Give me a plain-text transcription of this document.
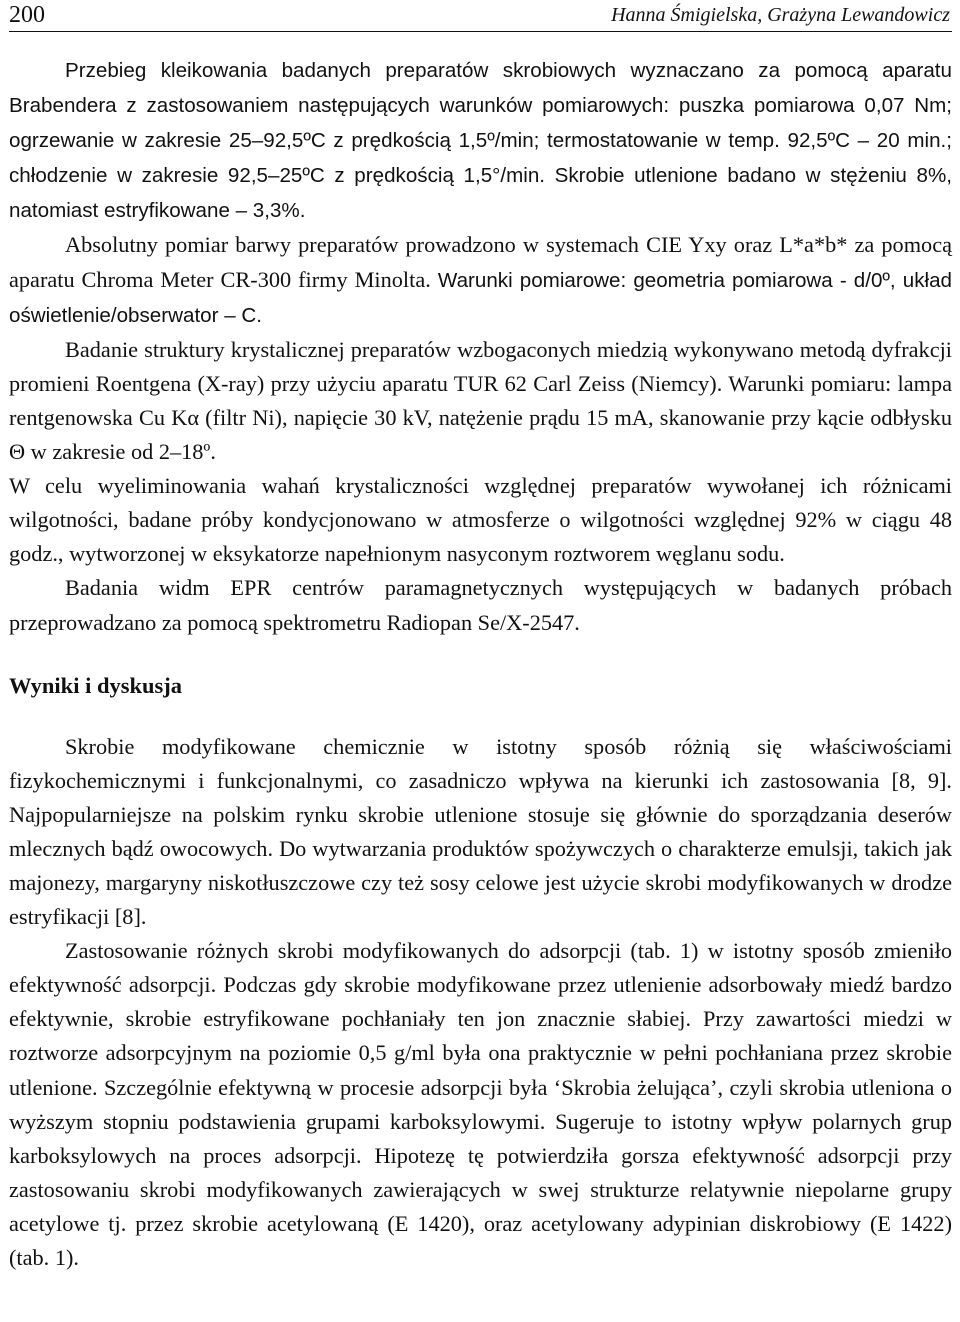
200	Hanna Śmigielska, Grażyna Lewandowicz

Przebieg kleikowania badanych preparatów skrobiowych wyznaczano za pomocą aparatu Brabendera z zastosowaniem następujących warunków pomiarowych: puszka pomiarowa 0,07 Nm; ogrzewanie w zakresie 25–92,5ºC z prędkością 1,5º/min; termostatowanie w temp. 92,5ºC – 20 min.; chłodzenie w zakresie 92,5–25ºC z prędkością 1,5°/min. Skrobie utlenione badano w stężeniu 8%, natomiast estryfikowane – 3,3%.

Absolutny pomiar barwy preparatów prowadzono w systemach CIE Yxy oraz L*a*b* za pomocą aparatu Chroma Meter CR-300 firmy Minolta. Warunki pomiarowe: geometria pomiarowa - d/0º, układ oświetlenie/obserwator – C.

Badanie struktury krystalicznej preparatów wzbogaconych miedzią wykonywano metodą dyfrakcji promieni Roentgena (X-ray) przy użyciu aparatu TUR 62 Carl Zeiss (Niemcy). Warunki pomiaru: lampa rentgenowska Cu Kα (filtr Ni), napięcie 30 kV, natężenie prądu 15 mA, skanowanie przy kącie odbłysku Θ w zakresie od 2–18º.

W celu wyeliminowania wahań krystaliczności względnej preparatów wywołanej ich różnicami wilgotności, badane próby kondycjonowano w atmosferze o wilgotności względnej 92% w ciągu 48 godz., wytworzonej w eksykatorze napełnionym nasyconym roztworem węglanu sodu.

Badania widm EPR centrów paramagnetycznych występujących w badanych próbach przeprowadzano za pomocą spektrometru Radiopan Se/X-2547.

Wyniki i dyskusja

Skrobie modyfikowane chemicznie w istotny sposób różnią się właściwościami fizykochemicznymi i funkcjonalnymi, co zasadniczo wpływa na kierunki ich zastosowania [8, 9]. Najpopularniejsze na polskim rynku skrobie utlenione stosuje się głównie do sporządzania deserów mlecznych bądź owocowych. Do wytwarzania produktów spożywczych o charakterze emulsji, takich jak majonezy, margaryny niskotłuszczowe czy też sosy celowe jest użycie skrobi modyfikowanych w drodze estryfikacji [8].

Zastosowanie różnych skrobi modyfikowanych do adsorpcji (tab. 1) w istotny sposób zmieniło efektywność adsorpcji. Podczas gdy skrobie modyfikowane przez utlenienie adsorbowały miedź bardzo efektywnie, skrobie estryfikowane pochłaniały ten jon znacznie słabiej. Przy zawartości miedzi w roztworze adsorpcyjnym na poziomie 0,5 g/ml była ona praktycznie w pełni pochłaniana przez skrobie utlenione. Szczególnie efektywną w procesie adsorpcji była ‘Skrobia żelująca’, czyli skrobia utleniona o wyższym stopniu podstawienia grupami karboksylowymi. Sugeruje to istotny wpływ polarnych grup karboksylowych na proces adsorpcji. Hipotezę tę potwierdziła gorsza efektywność adsorpcji przy zastosowaniu skrobi modyfikowanych zawierających w swej strukturze relatywnie niepolarne grupy acetylowe tj. przez skrobie acetylowaną (E 1420), oraz acetylowany adypinian diskrobiowy (E 1422) (tab. 1).
